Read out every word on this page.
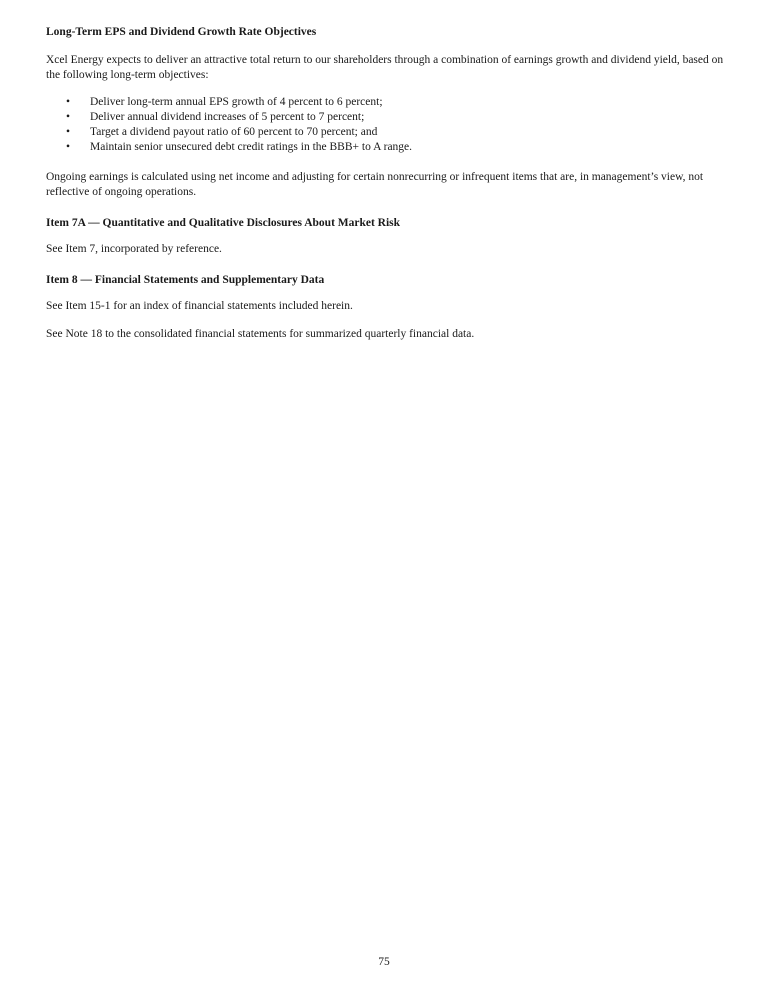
Long-Term EPS and Dividend Growth Rate Objectives
Xcel Energy expects to deliver an attractive total return to our shareholders through a combination of earnings growth and dividend yield, based on the following long-term objectives:
• Deliver long-term annual EPS growth of 4 percent to 6 percent;
• Deliver annual dividend increases of 5 percent to 7 percent;
• Target a dividend payout ratio of 60 percent to 70 percent; and
• Maintain senior unsecured debt credit ratings in the BBB+ to A range.
Ongoing earnings is calculated using net income and adjusting for certain nonrecurring or infrequent items that are, in management’s view, not reflective of ongoing operations.
Item 7A — Quantitative and Qualitative Disclosures About Market Risk
See Item 7, incorporated by reference.
Item 8 — Financial Statements and Supplementary Data
See Item 15-1 for an index of financial statements included herein.
See Note 18 to the consolidated financial statements for summarized quarterly financial data.
75
